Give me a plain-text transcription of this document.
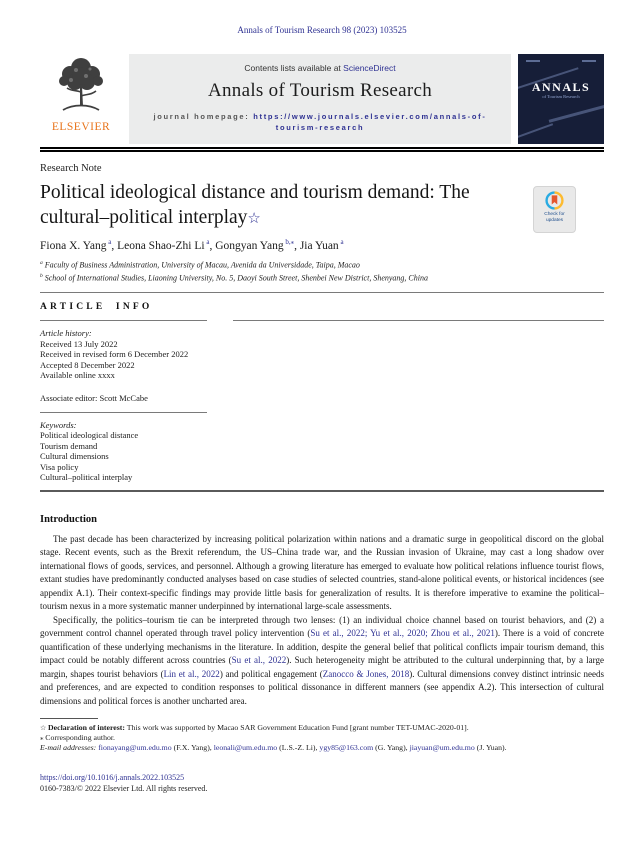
Annals of Tourism Research 98 (2023) 103525
ELSEVIER
Contents lists available at ScienceDirect
Annals of Tourism Research
journal homepage: https://www.journals.elsevier.com/annals-of-
tourism-research
ANNALS
of Tourism Research
Research Note
Political ideological distance and tourism demand: The cultural–political interplay☆	Check for
updates
Fiona X. Yang $^a$, Leona Shao-Zhi Li $^a$, Gongyan Yang $^{b,⁎}$, Jia Yuan $^a$
$^a$ Faculty of Business Administration, University of Macau, Avenida da Universidade, Taipa, Macao
$^b$ School of International Studies, Liaoning University, No. 5, Daoyi South Street, Shenbei New District, Shenyang, China
ARTICLE INFO
Article history:
Received 13 July 2022
Received in revised form 6 December 2022
Accepted 8 December 2022
Available online xxxx
Associate editor: Scott McCabe
Keywords:
Political ideological distance
Tourism demand
Cultural dimensions
Visa policy
Cultural–political interplay
Introduction

The past decade has been characterized by increasing political polarization within nations and a dramatic surge in geopolitical discord on the global stage. Recent events, such as the Brexit referendum, the US–China trade war, and the Russian invasion of Ukraine, may cast a long shadow over international flows of goods, services, and personnel. Although a growing literature has emerged to evaluate how political relations influence tourist flows, extant studies have predominantly conducted analyses based on case studies of selected countries, stand-alone political events, or historical incidences (see appendix A.1). Their context-specific findings may provide little basis for generalization of results. It is therefore imperative to examine the political–tourism nexus in a more systematic manner underpinned by international large-scale assessments.

Specifically, the politics–tourism tie can be interpreted through two lenses: (1) an individual choice channel based on tourist behaviors, and (2) a government control channel operated through travel policy intervention (Su et al., 2022; Yu et al., 2020; Zhou et al., 2021). There is a void of concrete quantification of these underlying mechanisms in the literature. In addition, despite the general belief that political conflicts impair tourism demand, this impact could be notably different across countries (Su et al., 2022). Such heterogeneity might be attributed to the cultural underpinning that, by a large margin, shapes tourist behaviors (Lin et al., 2022) and political engagement (Zanocco & Jones, 2018). Cultural dimensions convey distinct intrinsic needs and preferences, and are expected to condition responses to political dissonance in different manners (see appendix A.2). This intersection of cultural dimensions and political forces is another uncharted area.

☆ Declaration of interest: This work was supported by Macao SAR Government Education Fund [grant number TET-UMAC-2020-01].
⁎ Corresponding author.
E-mail addresses: fionayang@um.edu.mo (F.X. Yang), leonali@um.edu.mo (L.S.-Z. Li), ygy85@163.com (G. Yang), jiayuan@um.edu.mo (J. Yuan).
https://doi.org/10.1016/j.annals.2022.103525
0160-7383/© 2022 Elsevier Ltd. All rights reserved.
